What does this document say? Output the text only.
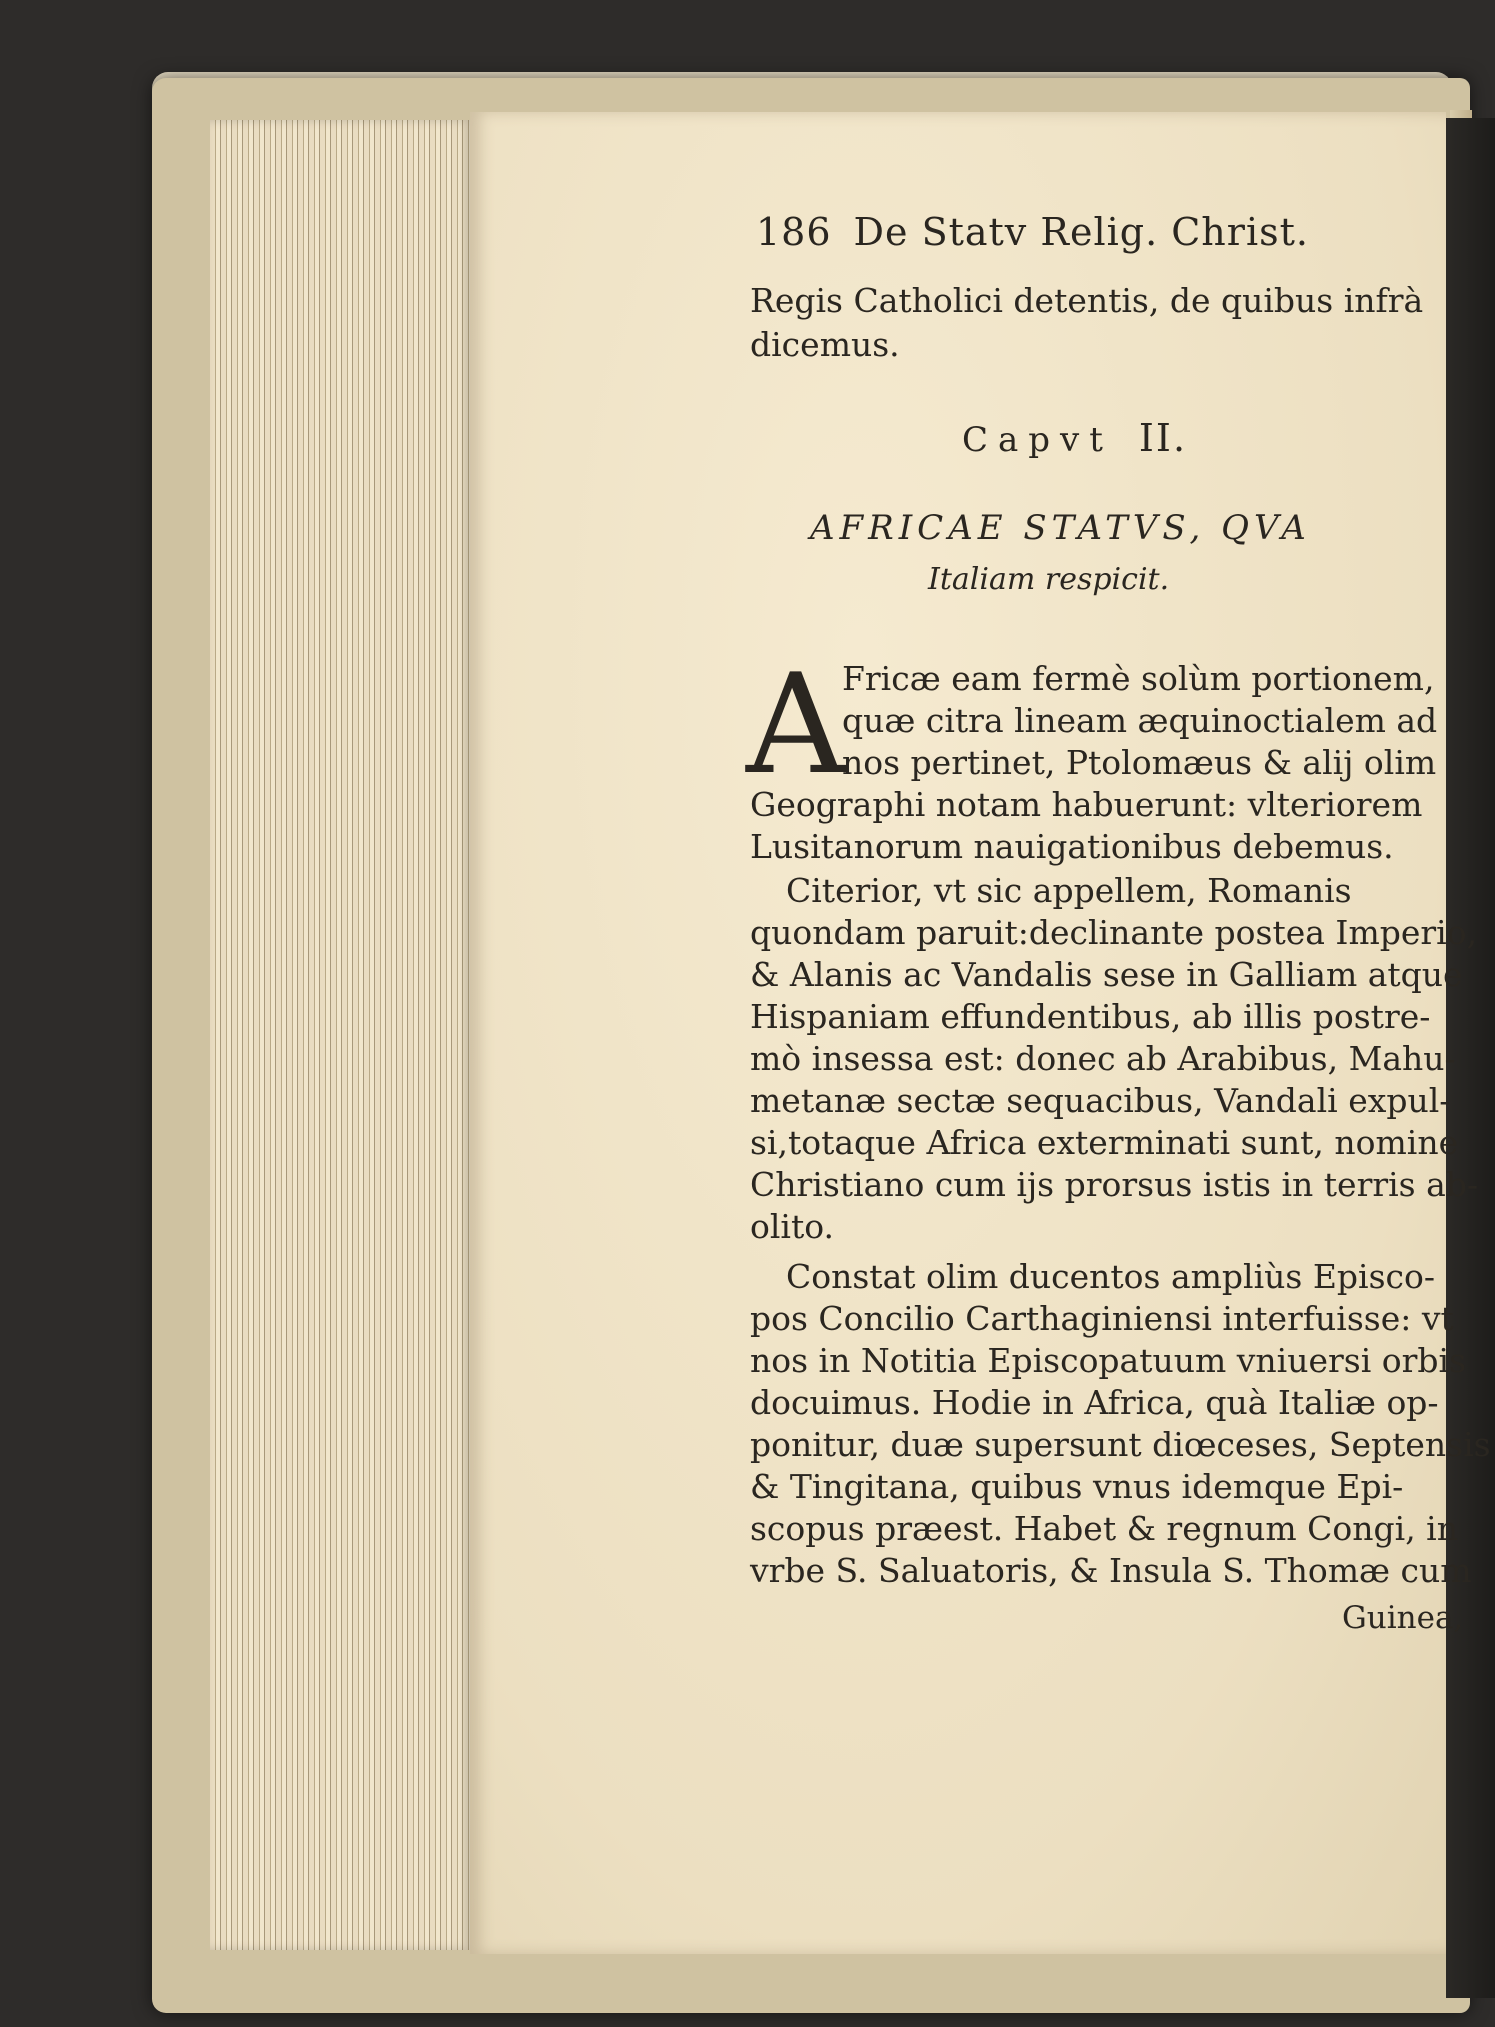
186 De Statv Relig. Christ.
Regis Catholici detentis, de quibus infrà
dicemus.
Capvt II.
AFRICAE STATVS, QVA
Italiam respicit.
A
Fricæ eam fermè solùm portionem,
quæ citra lineam æquinoctialem ad
nos pertinet, Ptolomæus & alij olim
Geographi notam habuerunt: vlteriorem
Lusitanorum nauigationibus debemus.
Citerior, vt sic appellem, Romanis
quondam paruit:declinante postea Imperio,
& Alanis ac Vandalis sese in Galliam atque
Hispaniam effundentibus, ab illis postre-
mò insessa est: donec ab Arabibus, Mahu-
metanæ sectæ sequacibus, Vandali expul-
si,totaque Africa exterminati sunt, nomine
Christiano cum ijs prorsus istis in terris ab-
olito.
Constat olim ducentos ampliùs Episco-
pos Concilio Carthaginiensi interfuisse: vt
nos in Notitia Episcopatuum vniuersi orbis
docuimus. Hodie in Africa, quà Italiæ op-
ponitur, duæ supersunt diœceses, Septensis
& Tingitana, quibus vnus idemque Epi-
scopus præest. Habet & regnum Congi, in
vrbe S. Saluatoris, & Insula S. Thomæ cum
Guinea,
